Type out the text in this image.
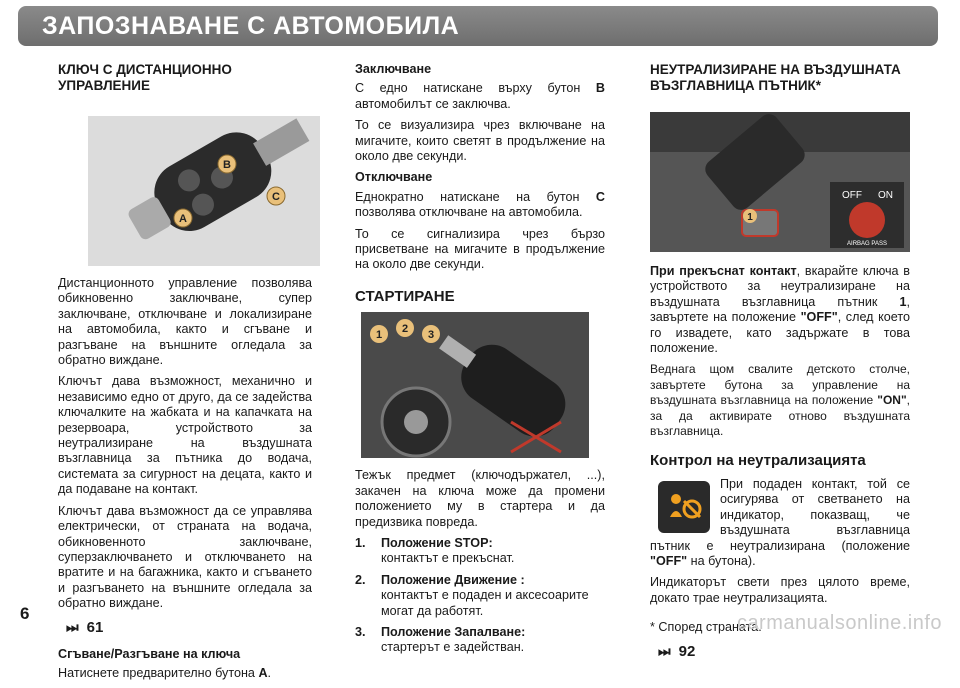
ЗАПОЗНАВАНЕ С АВТОМОБИЛА
КЛЮЧ С ДИСТАНЦИОННО УПРАВЛЕНИЕ
A
B
C

Дистанционното управление позволява обикновенно заключване, супер заключване, отключване и локализиране на автомобила, както и сгъване и разгъване на външните огледала за обратно виждане.

Ключът дава възможност, механично и независимо едно от друго, да се задейства ключалките на жабката и на капачката на резервоара, устройството за неутрализиране на въздушната възглавница за пътника до водача, системата за сигурност на децата, както и да подаване на контакт.

Ключът дава възможност да се управлява електрически, от страната на водача, обикновенното заключване, суперзаключването и отключването на вратите и на багажника, както и сгъването и разгъването на външните огледала за обратно виждане.

⏭ 61
Сгъване/Разгъване на ключа

Натиснете предварително бутона А.

Заключване

С едно натискане върху бутон B автомобилът се заключва.

То се визуализира чрез включване на мигачите, които светят в продължение на около две секунди.

Отключване

Еднократно натискане на бутон C позволява отключване на автомобила.

То се сигнализира чрез бързо присветване на мигачите в продължение на около две секунди.

СТАРТИРАНЕ
1 2 3

Тежък предмет (ключодържател, ...), закачен на ключа може да промени положението му в стартера и да предизвика повреда.

1.	Положение STOP:
контактът е прекъснат.
2.	Положение Движение :
контактът е подаден и аксесоарите могат да работят.
3.	Положение Запалване:
стартерът е задействан.
НЕУТРАЛИЗИРАНЕ НА ВЪЗДУШНАТА ВЪЗГЛАВНИЦА ПЪТНИК*
1
OFF ON
AIRBAG PASS

При прекъснат контакт, вкарайте ключа в устройството за неутрализиране на въздушната възглавница пътник 1, завъртете на положение "OFF", след което го извадете, като задържате в това положение.

Веднага щом свалите детското столче, завъртете бутона за управление на въздушната възглавница на положение "ON", за да активирате отново въздушната възглавница.

Контрол на неутрализацията

При подаден контакт, той се осигурява от светването на индикатор, показващ, че въздушната възглавница пътник е неутрализирана (положение "OFF" на бутона).

Индикаторът свети през цялото време, докато трае неутрализацията.

* Според страната.

⏭ 92
6	carmanualsonline.info
